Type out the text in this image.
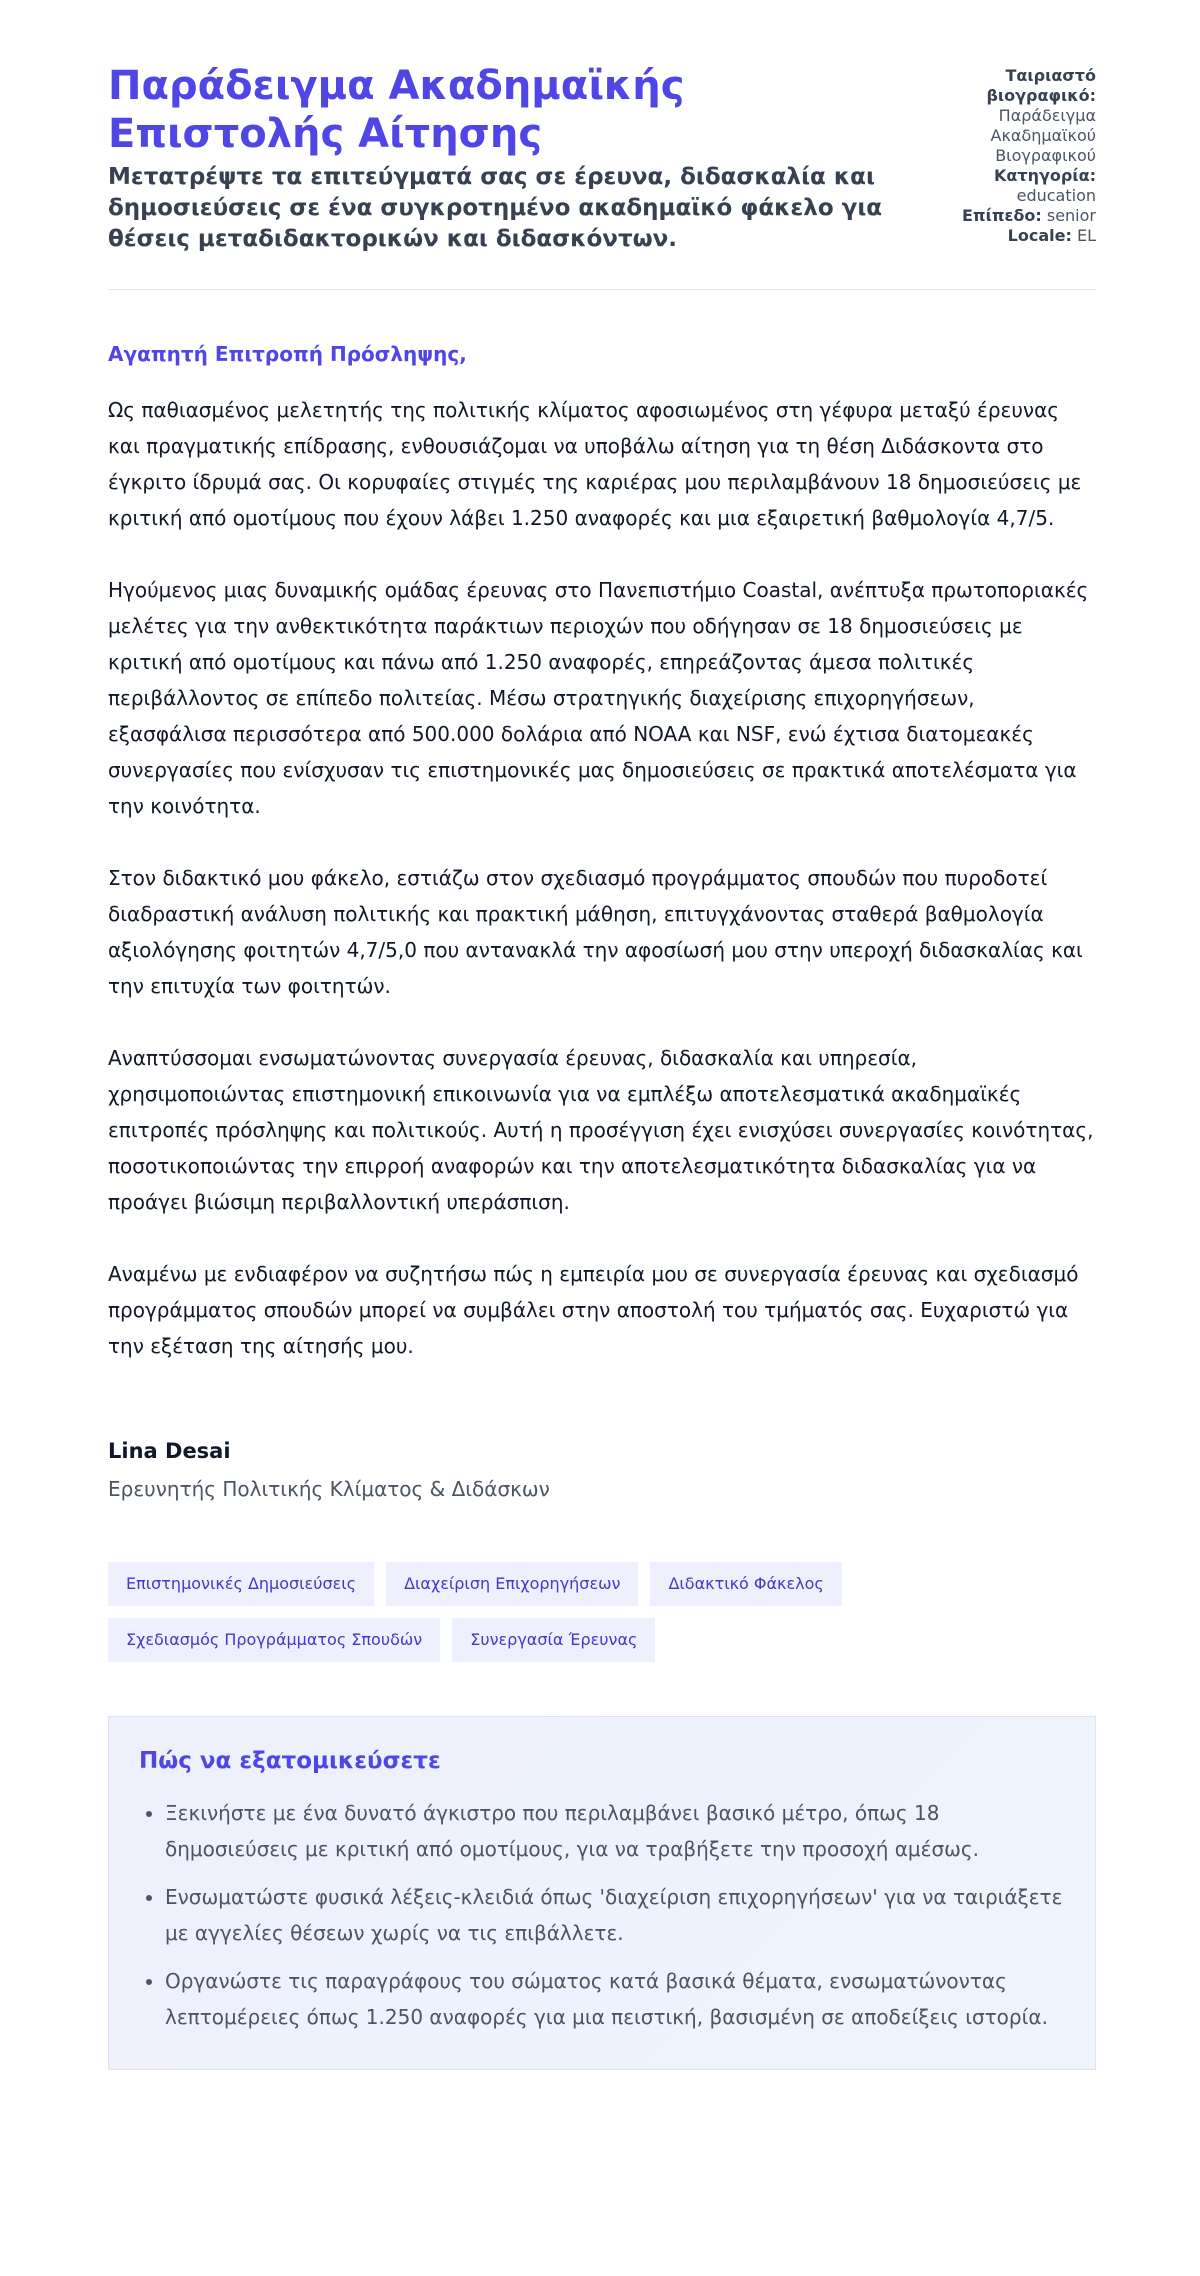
Παράδειγμα Ακαδημαϊκής Επιστολής Αίτησης

Μετατρέψτε τα επιτεύγματά σας σε έρευνα, διδασκαλία και δημοσιεύσεις σε ένα συγκροτημένο ακαδημαϊκό φάκελο για θέσεις μεταδιδακτορικών και διδασκόντων.

Ταιριαστό βιογραφικό:
Παράδειγμα Ακαδημαϊκού Βιογραφικού
Κατηγορία:
education
Επίπεδο: senior
Locale: EL

Αγαπητή Επιτροπή Πρόσληψης,

Ως παθιασμένος μελετητής της πολιτικής κλίματος αφοσιωμένος στη γέφυρα μεταξύ έρευνας και πραγματικής επίδρασης, ενθουσιάζομαι να υποβάλω αίτηση για τη θέση Διδάσκοντα στο έγκριτο ίδρυμά σας. Οι κορυφαίες στιγμές της καριέρας μου περιλαμβάνουν 18 δημοσιεύσεις με κριτική από ομοτίμους που έχουν λάβει 1.250 αναφορές και μια εξαιρετική βαθμολογία 4,7/5.

Ηγούμενος μιας δυναμικής ομάδας έρευνας στο Πανεπιστήμιο Coastal, ανέπτυξα πρωτοποριακές μελέτες για την ανθεκτικότητα παράκτιων περιοχών που οδήγησαν σε 18 δημοσιεύσεις με κριτική από ομοτίμους και πάνω από 1.250 αναφορές, επηρεάζοντας άμεσα πολιτικές περιβάλλοντος σε επίπεδο πολιτείας. Μέσω στρατηγικής διαχείρισης επιχορηγήσεων, εξασφάλισα περισσότερα από 500.000 δολάρια από NOAA και NSF, ενώ έχτισα διατομεακές συνεργασίες που ενίσχυσαν τις επιστημονικές μας δημοσιεύσεις σε πρακτικά αποτελέσματα για την κοινότητα.

Στον διδακτικό μου φάκελο, εστιάζω στον σχεδιασμό προγράμματος σπουδών που πυροδοτεί διαδραστική ανάλυση πολιτικής και πρακτική μάθηση, επιτυγχάνοντας σταθερά βαθμολογία αξιολόγησης φοιτητών 4,7/5,0 που αντανακλά την αφοσίωσή μου στην υπεροχή διδασκαλίας και την επιτυχία των φοιτητών.

Αναπτύσσομαι ενσωματώνοντας συνεργασία έρευνας, διδασκαλία και υπηρεσία, χρησιμοποιώντας επιστημονική επικοινωνία για να εμπλέξω αποτελεσματικά ακαδημαϊκές επιτροπές πρόσληψης και πολιτικούς. Αυτή η προσέγγιση έχει ενισχύσει συνεργασίες κοινότητας, ποσοτικοποιώντας την επιρροή αναφορών και την αποτελεσματικότητα διδασκαλίας για να προάγει βιώσιμη περιβαλλοντική υπεράσπιση.

Αναμένω με ενδιαφέρον να συζητήσω πώς η εμπειρία μου σε συνεργασία έρευνας και σχεδιασμό προγράμματος σπουδών μπορεί να συμβάλει στην αποστολή του τμήματός σας. Ευχαριστώ για την εξέταση της αίτησής μου.

Lina Desai
Ερευνητής Πολιτικής Κλίματος & Διδάσκων
Επιστημονικές Δημοσιεύσεις	Διαχείριση Επιχορηγήσεων	Διδακτικό Φάκελος
Σχεδιασμός Προγράμματος Σπουδών	Συνεργασία Έρευνας
Πώς να εξατομικεύσετε
• Ξεκινήστε με ένα δυνατό άγκιστρο που περιλαμβάνει βασικό μέτρο, όπως 18 δημοσιεύσεις με κριτική από ομοτίμους, για να τραβήξετε την προσοχή αμέσως.
• Ενσωματώστε φυσικά λέξεις-κλειδιά όπως 'διαχείριση επιχορηγήσεων' για να ταιριάξετε με αγγελίες θέσεων χωρίς να τις επιβάλλετε.
• Οργανώστε τις παραγράφους του σώματος κατά βασικά θέματα, ενσωματώνοντας λεπτομέρειες όπως 1.250 αναφορές για μια πειστική, βασισμένη σε αποδείξεις ιστορία.
